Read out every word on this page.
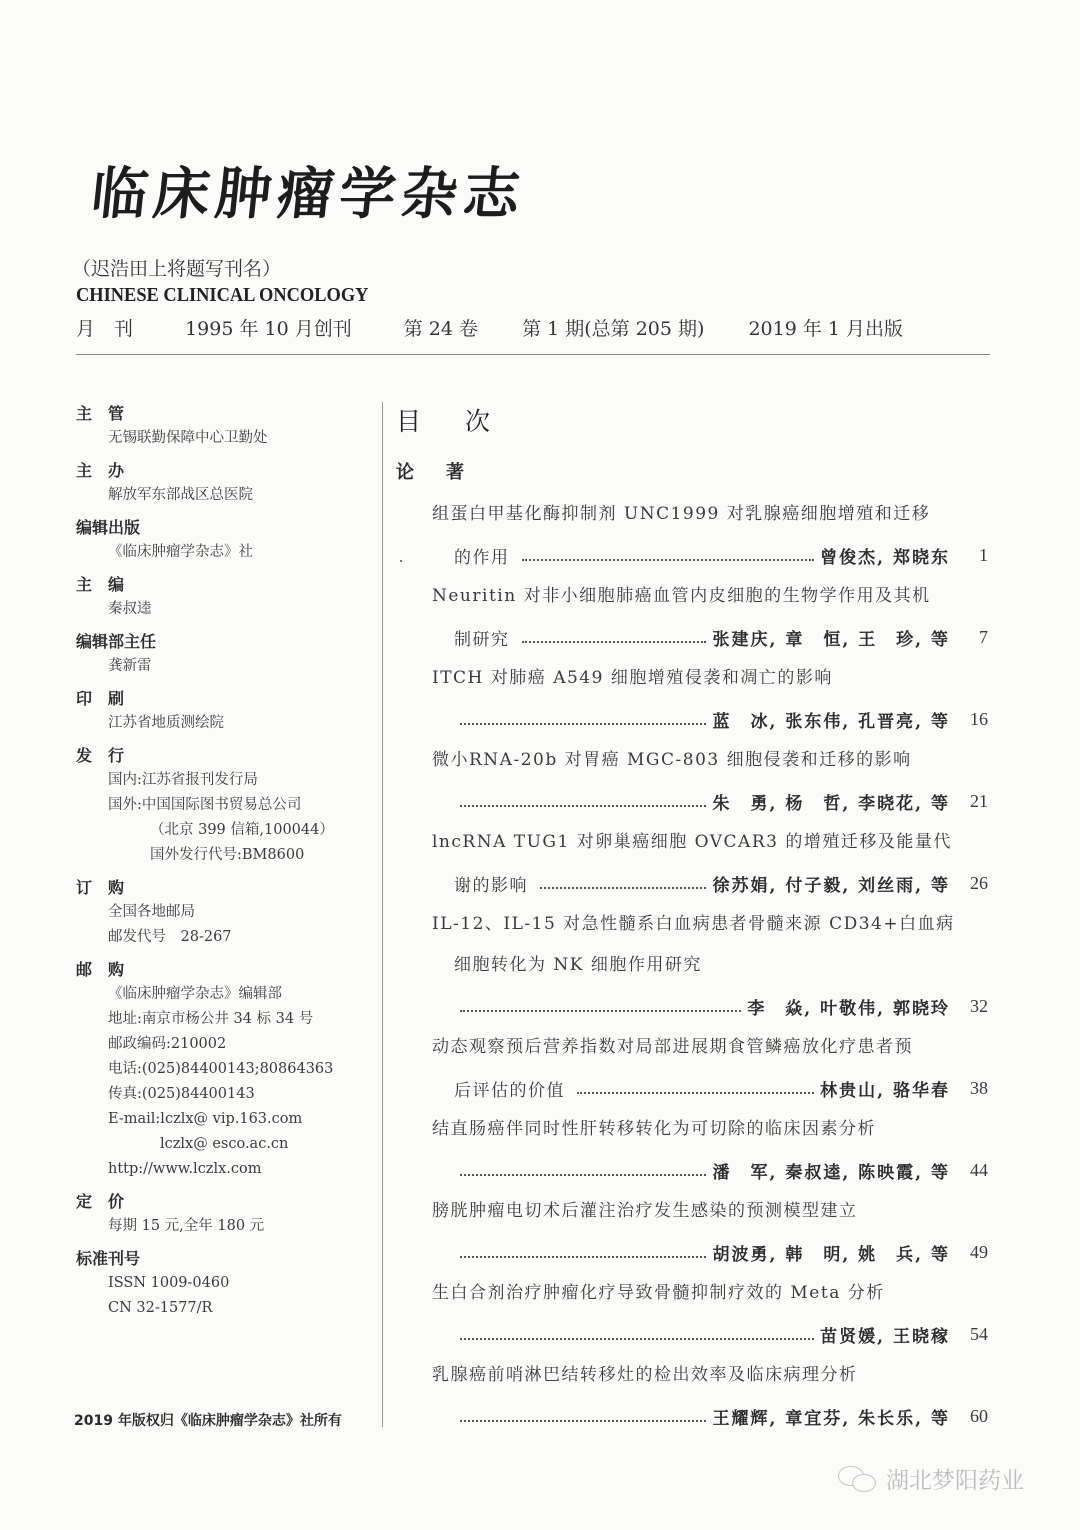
临床肿瘤学杂志
（迟浩田上将题写刊名）
CHINESE CLINICAL ONCOLOGY
月　刊	1995 年 10 月创刊	第 24 卷 第 1 期(总第 205 期) 2019 年 1 月出版
主　管
无锡联勤保障中心卫勤处
主　办
解放军东部战区总医院
编辑出版
《临床肿瘤学杂志》社
主　编
秦叔逵
编辑部主任
龚新雷
印　刷
江苏省地质测绘院
发　行
国内:江苏省报刊发行局
国外:中国国际图书贸易总公司
（北京 399 信箱,100044）
国外发行代号:BM8600
订　购
全国各地邮局
邮发代号　28-267
邮　购
《临床肿瘤学杂志》编辑部
地址:南京市杨公井 34 标 34 号
邮政编码:210002
电话:(025)84400143;80864363
传真:(025)84400143
E-mail:lczlx@ vip.163.com
lczlx@ esco.ac.cn
http://www.lczlx.com
定　价
每期 15 元,全年 180 元
标准刊号
ISSN 1009-0460
CN 32-1577/R
2019 年版权归《临床肿瘤学杂志》社所有
目次
论著
组蛋白甲基化酶抑制剂 UNC1999 对乳腺癌细胞增殖和迁移
的作用	曾俊杰, 郑晓东	1
Neuritin 对非小细胞肺癌血管内皮细胞的生物学作用及其机
制研究	张建庆, 章　恒, 王　珍, 等	7
ITCH 对肺癌 A549 细胞增殖侵袭和凋亡的影响
蓝　冰, 张东伟, 孔晋亮, 等	16
微小RNA-20b 对胃癌 MGC-803 细胞侵袭和迁移的影响
朱　勇, 杨　哲, 李晓花, 等	21
lncRNA TUG1 对卵巢癌细胞 OVCAR3 的增殖迁移及能量代
谢的影响	徐苏娟, 付子毅, 刘丝雨, 等	26
IL-12、IL-15 对急性髓系白血病患者骨髓来源 CD34+白血病
细胞转化为 NK 细胞作用研究
李　焱, 叶敬伟, 郭晓玲	32
动态观察预后营养指数对局部进展期食管鳞癌放化疗患者预
后评估的价值	林贵山, 骆华春	38
结直肠癌伴同时性肝转移转化为可切除的临床因素分析
潘　军, 秦叔逵, 陈映霞, 等	44
膀胱肿瘤电切术后灌注治疗发生感染的预测模型建立
胡波勇, 韩　明, 姚　兵, 等	49
生白合剂治疗肿瘤化疗导致骨髓抑制疗效的 Meta 分析
苗贤媛, 王晓稼	54
乳腺癌前哨淋巴结转移灶的检出效率及临床病理分析
王耀辉, 章宜芬, 朱长乐, 等	60
湖北梦阳药业
